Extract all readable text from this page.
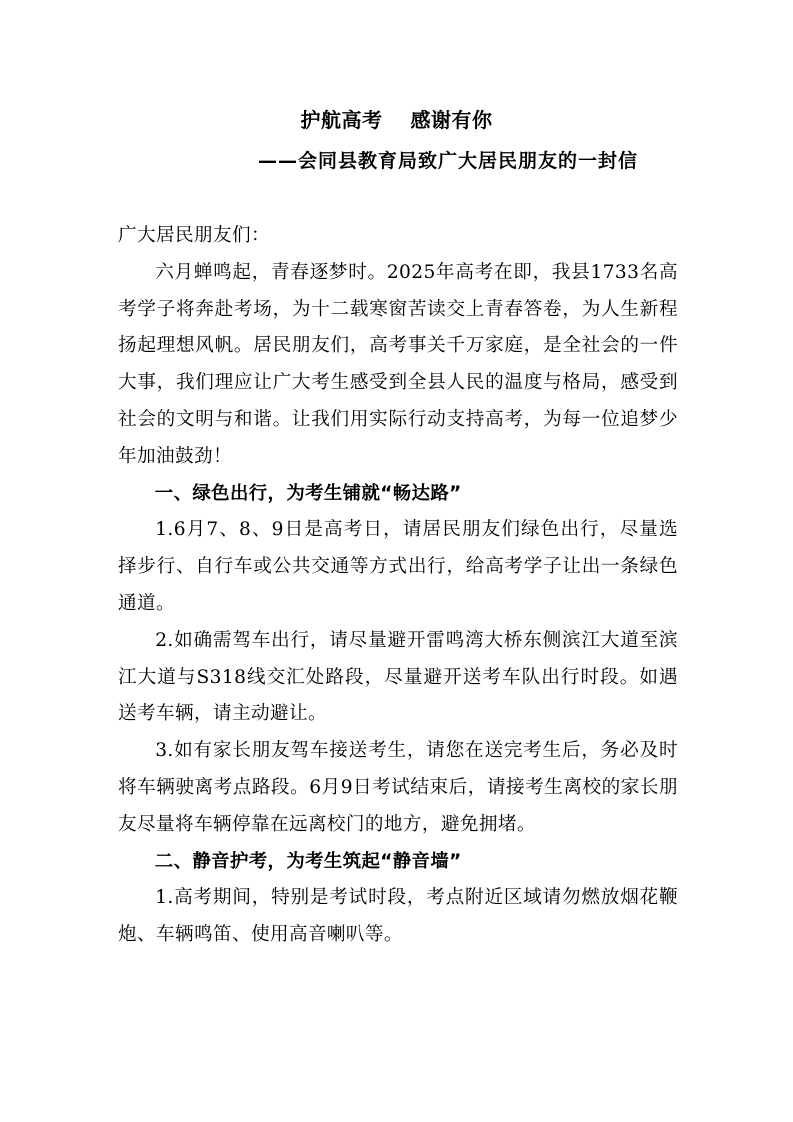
护航高考　 感谢有你
——会同县教育局致广大居民朋友的一封信

广大居民朋友们：

六月蝉鸣起，青春逐梦时。2025年高考在即，我县1733名高考学子将奔赴考场，为十二载寒窗苦读交上青春答卷，为人生新程扬起理想风帆。居民朋友们，高考事关千万家庭，是全社会的一件大事，我们理应让广大考生感受到全县人民的温度与格局，感受到社会的文明与和谐。让我们用实际行动支持高考，为每一位追梦少年加油鼓劲！

一、绿色出行，为考生铺就“畅达路”

1.6月7、8、9日是高考日，请居民朋友们绿色出行，尽量选择步行、自行车或公共交通等方式出行，给高考学子让出一条绿色通道。

2.如确需驾车出行，请尽量避开雷鸣湾大桥东侧滨江大道至滨江大道与S318线交汇处路段，尽量避开送考车队出行时段。如遇送考车辆，请主动避让。

3.如有家长朋友驾车接送考生，请您在送完考生后，务必及时将车辆驶离考点路段。6月9日考试结束后，请接考生离校的家长朋友尽量将车辆停靠在远离校门的地方，避免拥堵。

二、静音护考，为考生筑起“静音墙”

1.高考期间，特别是考试时段，考点附近区域请勿燃放烟花鞭炮、车辆鸣笛、使用高音喇叭等。
